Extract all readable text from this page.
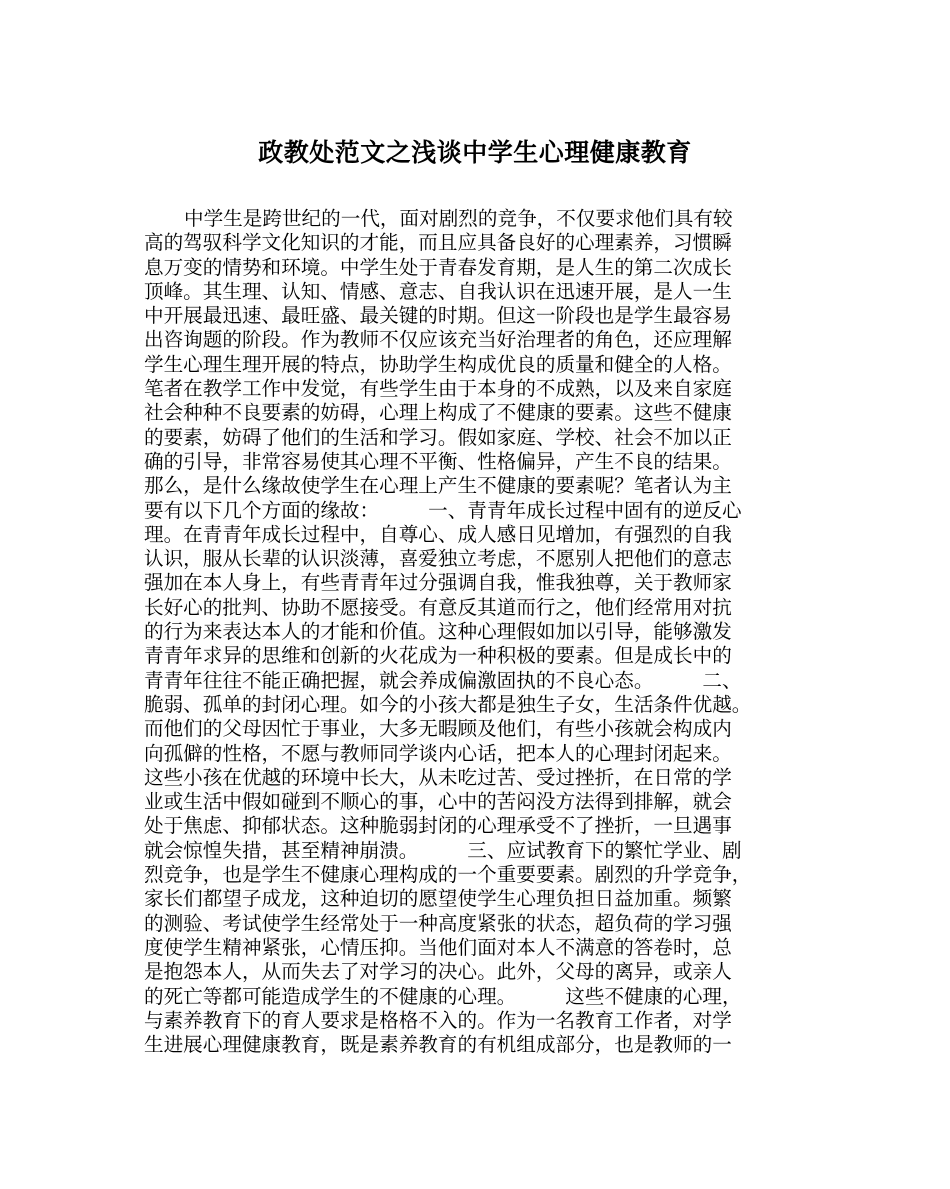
政教处范文之浅谈中学生心理健康教育
中学生是跨世纪的一代，面对剧烈的竞争，不仅要求他们具有较
高的驾驭科学文化知识的才能，而且应具备良好的心理素养，习惯瞬
息万变的情势和环境。中学生处于青春发育期，是人生的第二次成长
顶峰。其生理、认知、情感、意志、自我认识在迅速开展，是人一生
中开展最迅速、最旺盛、最关键的时期。但这一阶段也是学生最容易
出咨询题的阶段。作为教师不仅应该充当好治理者的角色，还应理解
学生心理生理开展的特点，协助学生构成优良的质量和健全的人格。
笔者在教学工作中发觉，有些学生由于本身的不成熟，以及来自家庭
社会种种不良要素的妨碍，心理上构成了不健康的要素。这些不健康
的要素，妨碍了他们的生活和学习。假如家庭、学校、社会不加以正
确的引导，非常容易使其心理不平衡、性格偏异，产生不良的结果。
那么，是什么缘故使学生在心理上产生不健康的要素呢？笔者认为主
要有以下几个方面的缘故：　　　一、青青年成长过程中固有的逆反心
理。在青青年成长过程中，自尊心、成人感日见增加，有强烈的自我
认识，服从长辈的认识淡薄，喜爱独立考虑，不愿别人把他们的意志
强加在本人身上，有些青青年过分强调自我，惟我独尊，关于教师家
长好心的批判、协助不愿接受。有意反其道而行之，他们经常用对抗
的行为来表达本人的才能和价值。这种心理假如加以引导，能够激发
青青年求异的思维和创新的火花成为一种积极的要素。但是成长中的
青青年往往不能正确把握，就会养成偏激固执的不良心态。　　　二、
脆弱、孤单的封闭心理。如今的小孩大都是独生子女，生活条件优越。
而他们的父母因忙于事业，大多无暇顾及他们，有些小孩就会构成内
向孤僻的性格，不愿与教师同学谈内心话，把本人的心理封闭起来。
这些小孩在优越的环境中长大，从未吃过苦、受过挫折，在日常的学
业或生活中假如碰到不顺心的事，心中的苦闷没方法得到排解，就会
处于焦虑、抑郁状态。这种脆弱封闭的心理承受不了挫折，一旦遇事
就会惊惶失措，甚至精神崩溃。　　　三、应试教育下的繁忙学业、剧
烈竞争，也是学生不健康心理构成的一个重要要素。剧烈的升学竞争，
家长们都望子成龙，这种迫切的愿望使学生心理负担日益加重。频繁
的测验、考试使学生经常处于一种高度紧张的状态，超负荷的学习强
度使学生精神紧张，心情压抑。当他们面对本人不满意的答卷时，总
是抱怨本人，从而失去了对学习的决心。此外，父母的离异，或亲人
的死亡等都可能造成学生的不健康的心理。　　　这些不健康的心理，
与素养教育下的育人要求是格格不入的。作为一名教育工作者，对学
生进展心理健康教育，既是素养教育的有机组成部分，也是教师的一
